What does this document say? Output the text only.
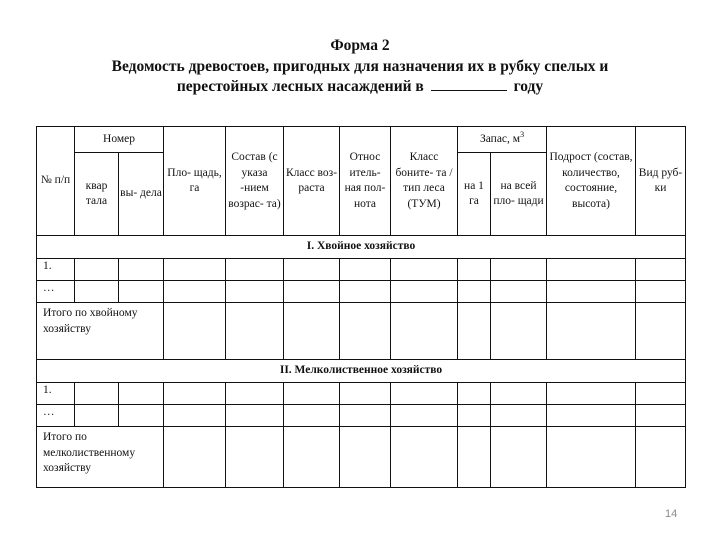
Форма 2
Ведомость древостоев, пригодных для назначения их в рубку спелых и
перестойных лесных насаждений в	году
№ п/п	Номер		Пло- щадь, га	Состав (с указа -нием возрас- та)	Класс воз- раста	Относ итель- ная пол- нота	Класс бонитe- та / тип леса (ТУМ)	Запас, $м^3$		Подрост (состав, количество, состояние, высота)	Вид руб- ки
	квар тала	вы- дела						на 1 га	на всей пло- щади		
I. Хвойное хозяйство											
1.											
…											
Итого по хвойному хозяйству											
II. Мелколиственное хозяйство											
1.											
…											
Итого по мелколиственному хозяйству											
14
